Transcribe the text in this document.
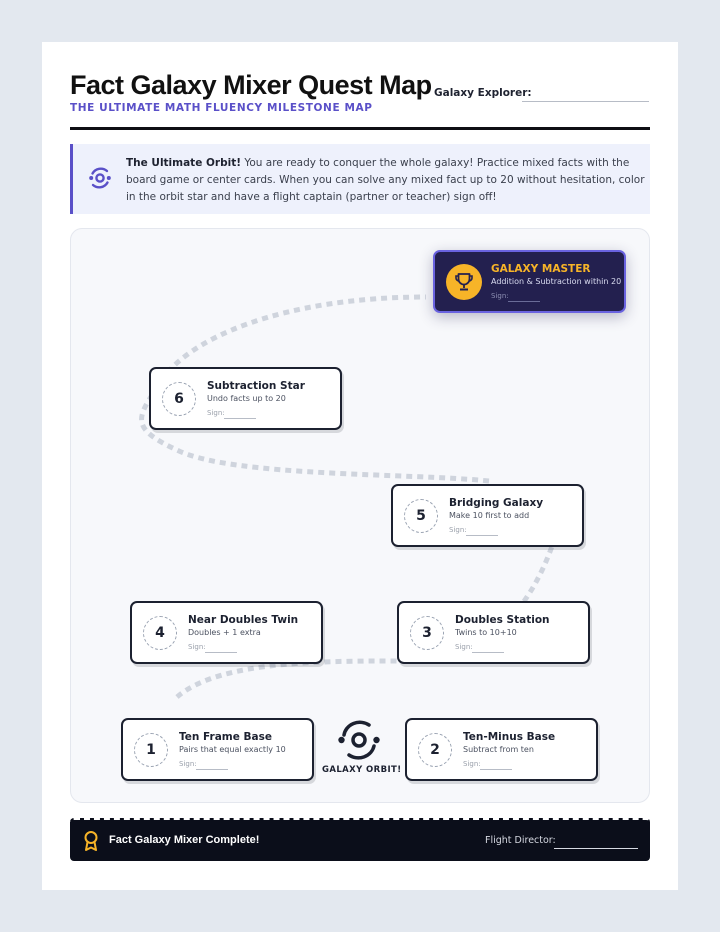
Fact Galaxy Mixer Quest Map Galaxy Explorer:
THE ULTIMATE MATH FLUENCY MILESTONE MAP

The Ultimate Orbit! You are ready to conquer the whole galaxy! Practice mixed facts with the board game or center cards. When you can solve any mixed fact up to 20 without hesitation, color in the orbit star and have a flight captain (partner or teacher) sign off!

GALAXY MASTER
Addition & Subtraction within 20
Sign:
6
Subtraction Star
Undo facts up to 20
Sign:
5
Bridging Galaxy
Make 10 first to add
Sign:
4
Near Doubles Twin
Doubles + 1 extra
Sign:
3
Doubles Station
Twins to 10+10
Sign:
1
Ten Frame Base
Pairs that equal exactly 10
Sign:
2
Ten-Minus Base
Subtract from ten
Sign:
GALAXY ORBIT!
Fact Galaxy Mixer Complete!	Flight Director:
